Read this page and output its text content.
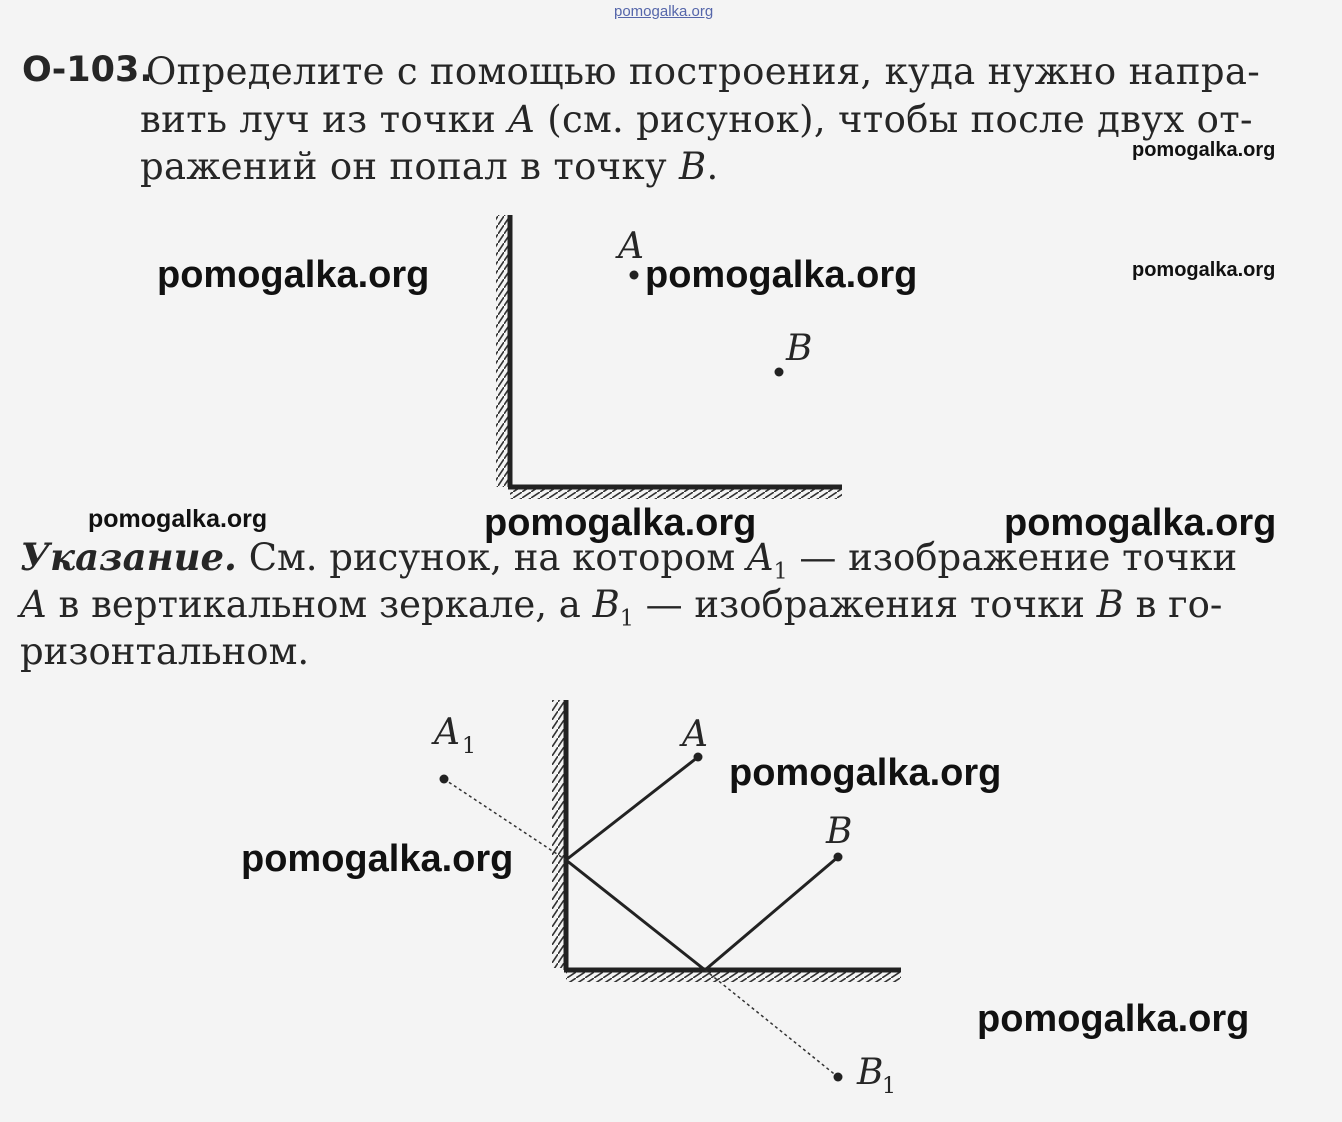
pomogalka.org
О-103.
Определите с помощью построения, куда нужно напра-
вить луч из точки A (см. рисунок), чтобы после двух от-
ражений он попал в точку B.
Указание. См. рисунок, на котором $A_1$ — изображение точки
A в вертикальном зеркале, а $B_1$ — изображения точки B в го-
ризонтальном.
A
B
A 1	A
B
B
1
pomogalka.org
pomogalka.org	pomogalka.org	pomogalka.org
pomogalka.org	pomogalka.org	pomogalka.org
pomogalka.org
pomogalka.org
pomogalka.org
